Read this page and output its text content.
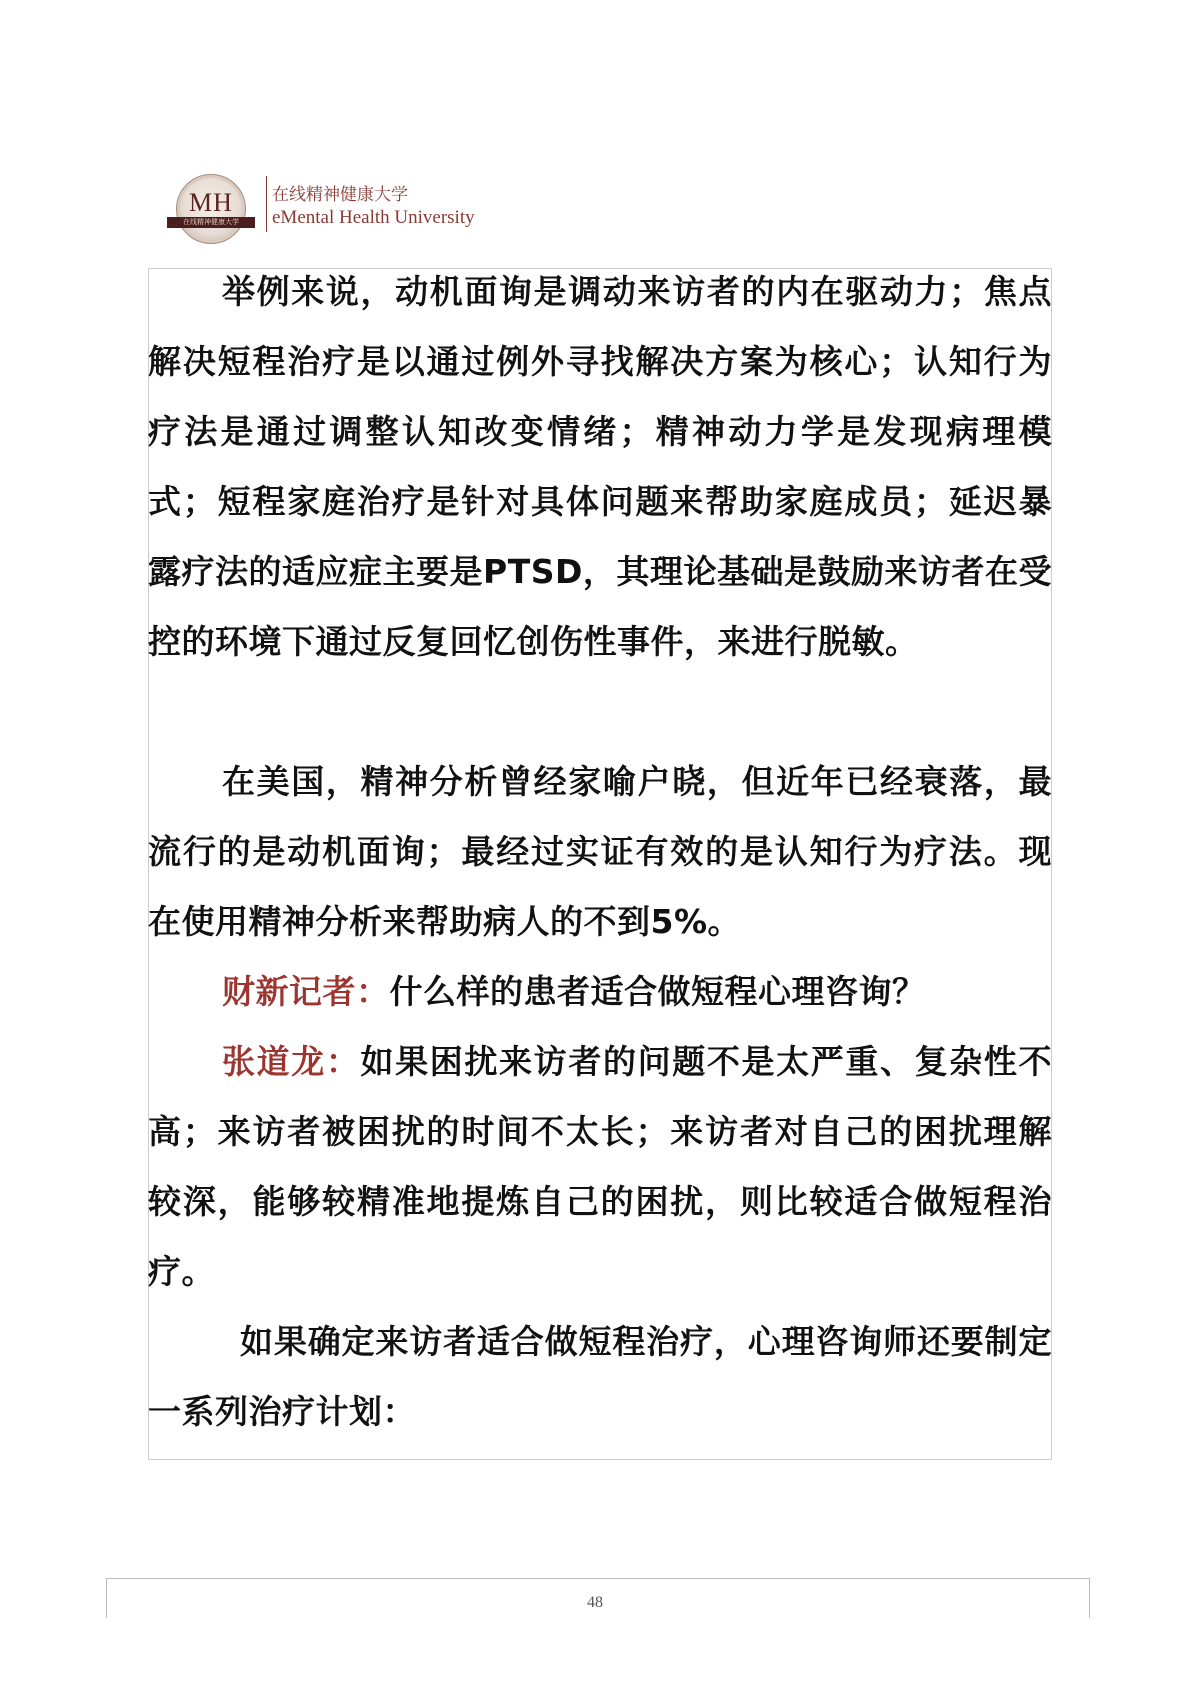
MH
在线精神健康大学
在线精神健康大学
eMental Health University

举例来说，动机面询是调动来访者的内在驱动力；焦点解决短程治疗是以通过例外寻找解决方案为核心；认知行为疗法是通过调整认知改变情绪；精神动力学是发现病理模式；短程家庭治疗是针对具体问题来帮助家庭成员；延迟暴露疗法的适应症主要是PTSD，其理论基础是鼓励来访者在受控的环境下通过反复回忆创伤性事件，来进行脱敏。

在美国，精神分析曾经家喻户晓，但近年已经衰落，最流行的是动机面询；最经过实证有效的是认知行为疗法。现在使用精神分析来帮助病人的不到5%。

财新记者：什么样的患者适合做短程心理咨询？

张道龙：如果困扰来访者的问题不是太严重、复杂性不高；来访者被困扰的时间不太长；来访者对自己的困扰理解较深，能够较精准地提炼自己的困扰，则比较适合做短程治疗。

如果确定来访者适合做短程治疗，心理咨询师还要制定一系列治疗计划：

48
